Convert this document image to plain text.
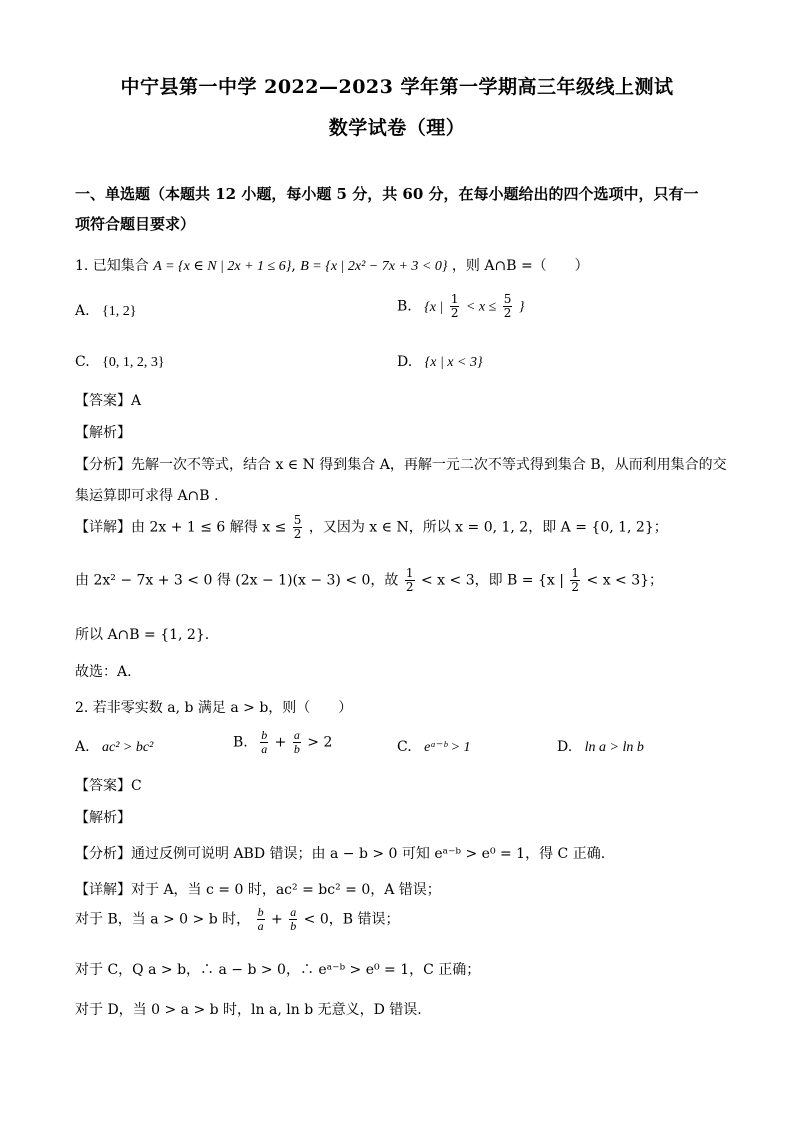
中宁县第一中学 2022—2023 学年第一学期高三年级线上测试
数学试卷（理）
一、单选题（本题共 12 小题，每小题 5 分，共 60 分，在每小题给出的四个选项中，只有一
项符合题目要求）
1. 已知集合 A = {x ∈ N | 2x + 1 ≤ 6}, B = {x | 2x² − 7x + 3 < 0} ，则 A∩B =（　　）
A. {1, 2}	B. {x | $\frac{1}{2} < x \le \frac{5}{2}$ }
C. {0, 1, 2, 3}	D. {x | x < 3}
【答案】A
【解析】
【分析】先解一次不等式，结合 x ∈ N 得到集合 A，再解一元二次不等式得到集合 B，从而利用集合的交
集运算即可求得 A∩B .
【详解】由 2x + 1 ≤ 6 解得 $x \le \frac{5}{2}$ ，又因为 x ∈ N，所以 x = 0, 1, 2，即 A = {0, 1, 2}；
由 2x² − 7x + 3 < 0 得 (2x − 1)(x − 3) < 0，故 $\frac{1}{2} < x < 3$，即 B = {x | $\frac{1}{2} < x < 3$}；
所以 A∩B = {1, 2}.
故选：A.
2. 若非零实数 a, b 满足 a > b，则（　　）
A. ac² > bc²	B. $\frac{b}{a} + \frac{a}{b} > 2$	C. eᵃ⁻ᵇ > 1	D. ln a > ln b
【答案】C
【解析】
【分析】通过反例可说明 ABD 错误；由 a − b > 0 可知 eᵃ⁻ᵇ > e⁰ = 1，得 C 正确.
【详解】对于 A，当 c = 0 时，ac² = bc² = 0，A 错误；
对于 B，当 a > 0 > b 时， $\frac{b}{a} + \frac{a}{b} < 0$，B 错误；
对于 C，Q a > b，∴ a − b > 0，∴ eᵃ⁻ᵇ > e⁰ = 1，C 正确；
对于 D，当 0 > a > b 时，ln a, ln b 无意义，D 错误.
